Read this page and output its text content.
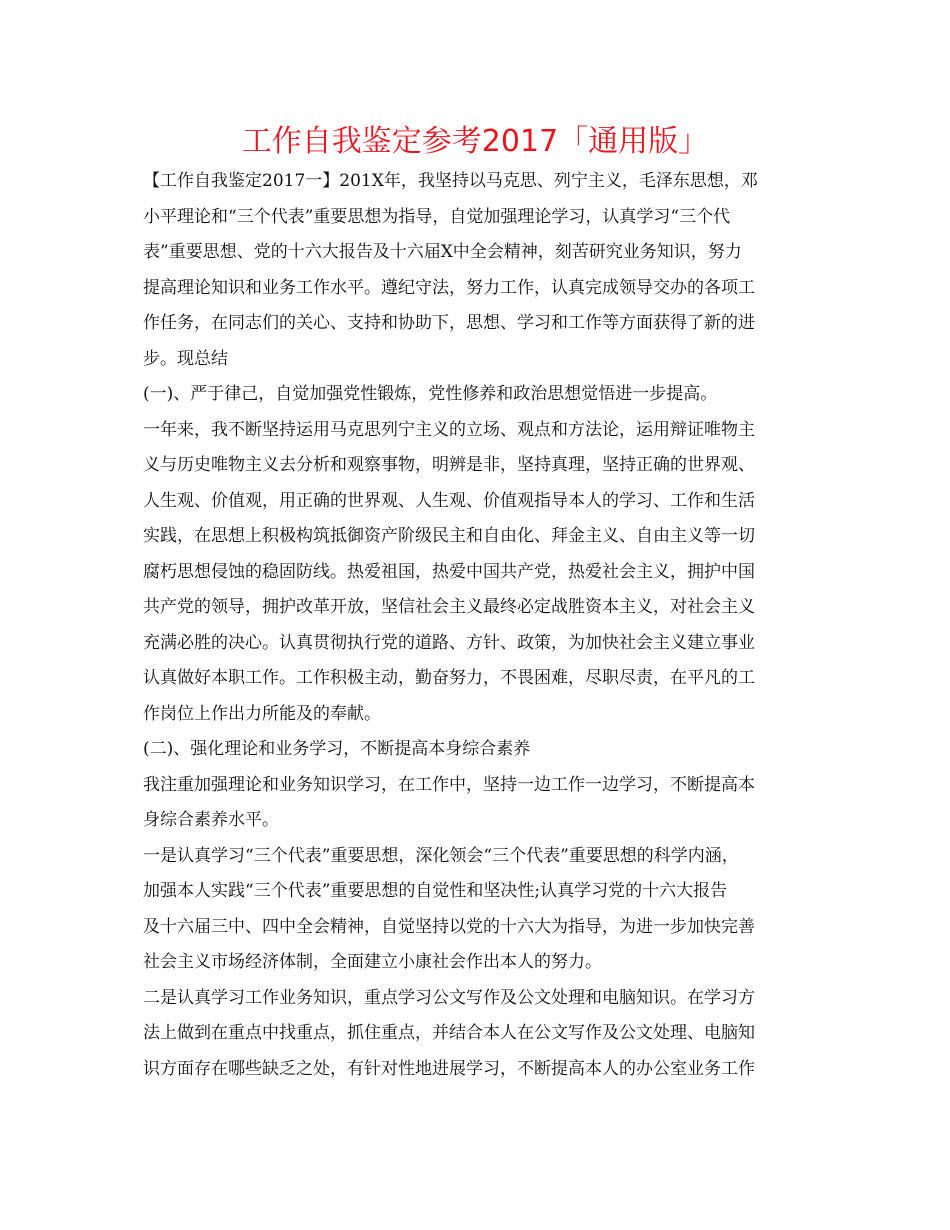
工作自我鉴定参考2017「通用版」

【工作自我鉴定2017一】201X年，我坚持以马克思、列宁主义，毛泽东思想，邓

小平理论和“三个代表”重要思想为指导，自觉加强理论学习，认真学习“三个代

表”重要思想、党的十六大报告及十六届X中全会精神，刻苦研究业务知识，努力

提高理论知识和业务工作水平。遵纪守法，努力工作，认真完成领导交办的各项工

作任务，在同志们的关心、支持和协助下，思想、学习和工作等方面获得了新的进

步。现总结

(一)、严于律己，自觉加强党性锻炼，党性修养和政治思想觉悟进一步提高。

一年来，我不断坚持运用马克思列宁主义的立场、观点和方法论，运用辩证唯物主

义与历史唯物主义去分析和观察事物，明辨是非，坚持真理，坚持正确的世界观、

人生观、价值观，用正确的世界观、人生观、价值观指导本人的学习、工作和生活

实践，在思想上积极构筑抵御资产阶级民主和自由化、拜金主义、自由主义等一切

腐朽思想侵蚀的稳固防线。热爱祖国，热爱中国共产党，热爱社会主义，拥护中国

共产党的领导，拥护改革开放，坚信社会主义最终必定战胜资本主义，对社会主义

充满必胜的决心。认真贯彻执行党的道路、方针、政策，为加快社会主义建立事业

认真做好本职工作。工作积极主动，勤奋努力，不畏困难，尽职尽责，在平凡的工

作岗位上作出力所能及的奉献。

(二)、强化理论和业务学习，不断提高本身综合素养

我注重加强理论和业务知识学习，在工作中，坚持一边工作一边学习，不断提高本

身综合素养水平。

一是认真学习“三个代表”重要思想，深化领会“三个代表”重要思想的科学内涵，

加强本人实践“三个代表”重要思想的自觉性和坚决性;认真学习党的十六大报告

及十六届三中、四中全会精神，自觉坚持以党的十六大为指导，为进一步加快完善

社会主义市场经济体制，全面建立小康社会作出本人的努力。

二是认真学习工作业务知识，重点学习公文写作及公文处理和电脑知识。在学习方

法上做到在重点中找重点，抓住重点，并结合本人在公文写作及公文处理、电脑知

识方面存在哪些缺乏之处，有针对性地进展学习，不断提高本人的办公室业务工作
